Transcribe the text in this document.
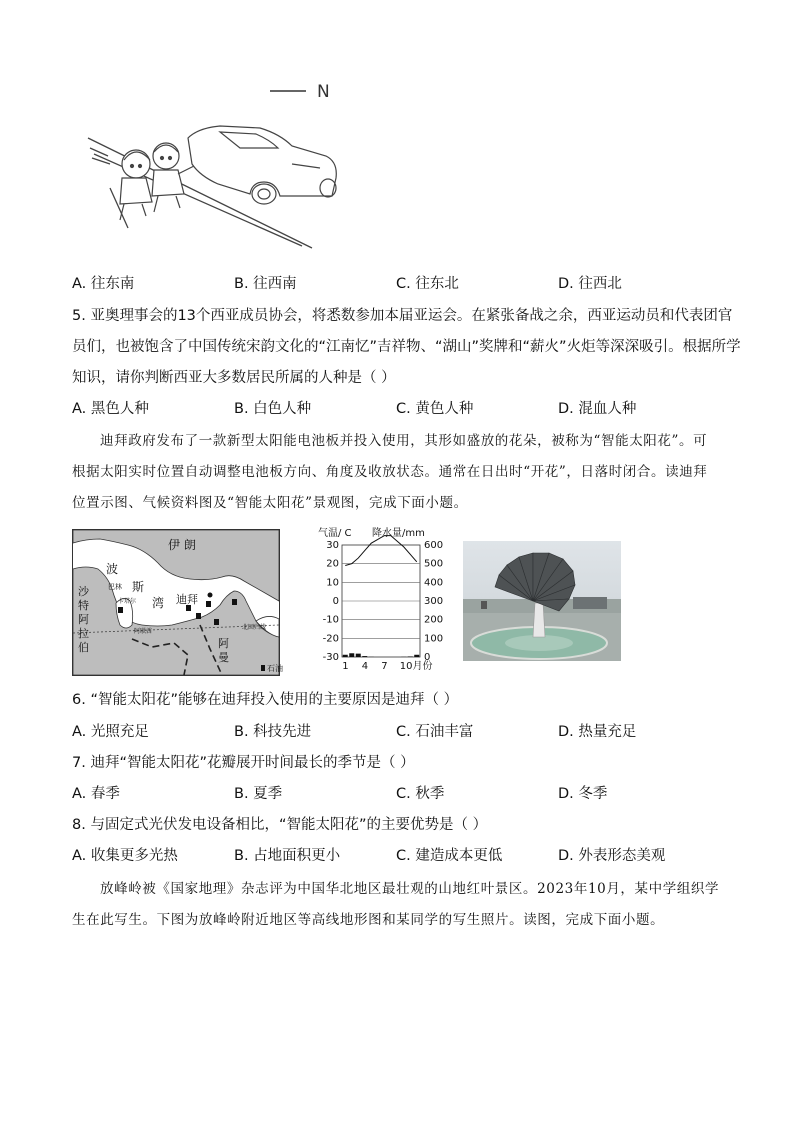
N
A. 往东南	B. 往西南	C. 往东北	D. 往西北
5. 亚奥理事会的13个西亚成员协会，将悉数参加本届亚运会。在紧张备战之余，西亚运动员和代表团官
员们，也被饱含了中国传统宋韵文化的“江南忆”吉祥物、“湖山”奖牌和“薪火”火炬等深深吸引。根据所学
知识，请你判断西亚大多数居民所属的人种是（ ）
A. 黑色人种	B. 白色人种	C. 黄色人种	D. 混血人种
迪拜政府发布了一款新型太阳能电池板并投入使用，其形如盛放的花朵，被称为“智能太阳花”。可
根据太阳实时位置自动调整电池板方向、角度及收放状态。通常在日出时“开花”，日落时闭合。读迪拜
位置示图、气候资料图及“智能太阳花”景观图，完成下面小题。
伊 朗
波
斯
湾 迪拜
巴林
卡塔尔
阿联酋
北回归线
沙
特
阿
拉
伯	阿
曼
石油
气温/ C 降水量/mm
30
20
10
0
-10
-20
-30
600
500
400
300
200
100
0
1 4 7 10月份
6. “智能太阳花”能够在迪拜投入使用的主要原因是迪拜（ ）
A. 光照充足	B. 科技先进	C. 石油丰富	D. 热量充足
7. 迪拜“智能太阳花”花瓣展开时间最长的季节是（ ）
A. 春季	B. 夏季	C. 秋季	D. 冬季
8. 与固定式光伏发电设备相比，“智能太阳花”的主要优势是（ ）
A. 收集更多光热	B. 占地面积更小	C. 建造成本更低	D. 外表形态美观
放峰岭被《国家地理》杂志评为中国华北地区最壮观的山地红叶景区。2023年10月，某中学组织学
生在此写生。下图为放峰岭附近地区等高线地形图和某同学的写生照片。读图，完成下面小题。
